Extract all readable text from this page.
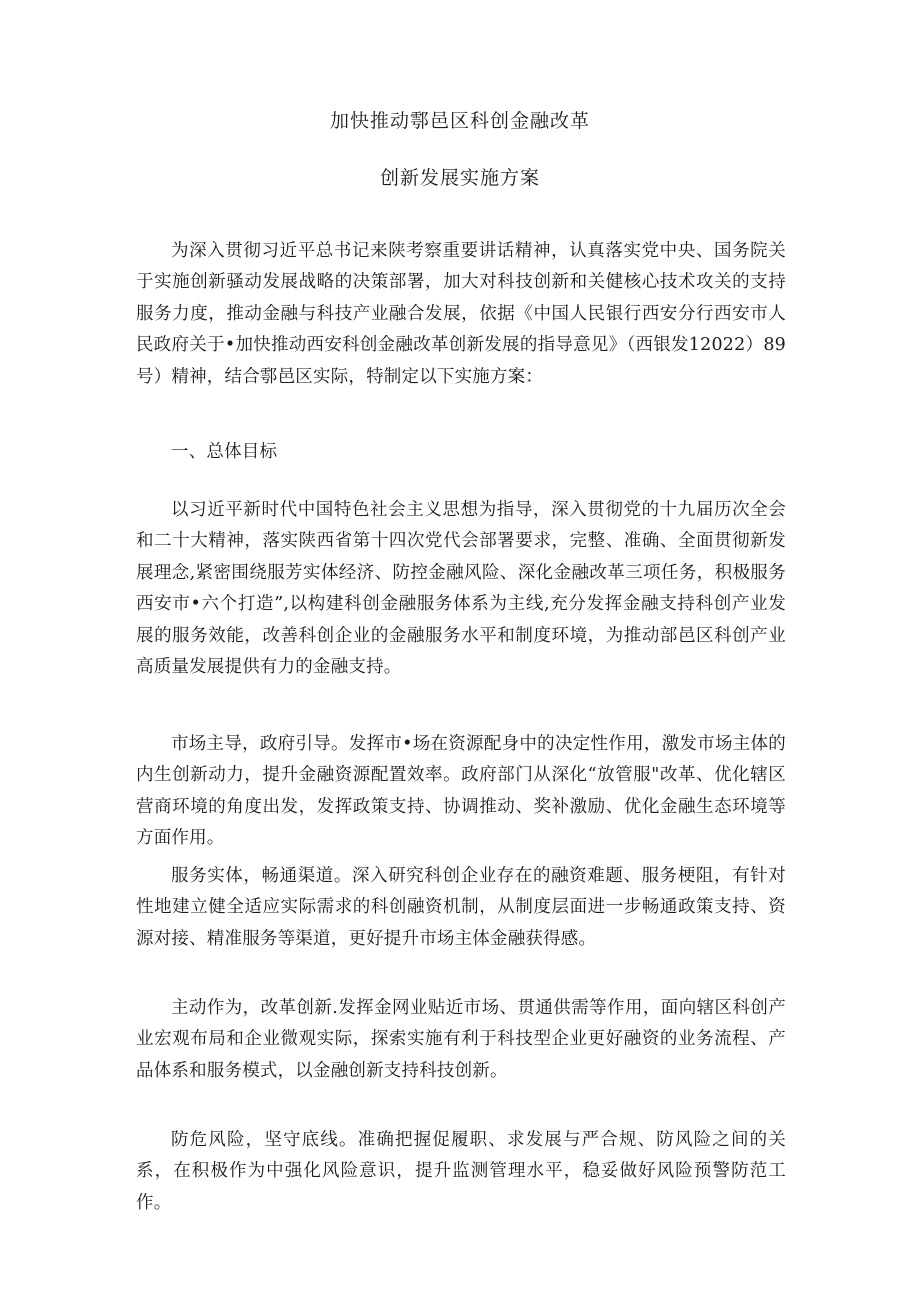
加快推动鄠邑区科创金融改革
创新发展实施方案

为深入贯彻习近平总书记来陕考察重要讲话精神，认真落实党中央、国务院关于实施创新骚动发展战略的决策部署，加大对科技创新和关健核心技术攻关的支持服务力度，推动金融与科技产业融合发展，依据《中国人民银行西安分行西安市人民政府关于•加快推动西安科创金融改革创新发展的指导意见》（西银发12022）89号）精神，结合鄠邑区实际，特制定以下实施方案：

一、总体目标

以习近平新时代中国特色社会主义思想为指导，深入贯彻党的十九届历次全会和二十大精神，落实陕西省第十四次党代会部署要求，完整、准确、全面贯彻新发展理念,紧密围绕服芳实体经济、防控金融风险、深化金融改革三项任务，积极服务西安市•六个打造”,以构建科创金融服务体系为主线,充分发挥金融支持科创产业发展的服务效能，改善科创企业的金融服务水平和制度环境，为推动部邑区科创产业高质量发展提供有力的金融支持。

市场主导，政府引导。发挥市•场在资源配身中的决定性作用，激发市场主体的内生创新动力，提升金融资源配置效率。政府部门从深化“放管服"改革、优化辖区营商环境的角度出发，发挥政策支持、协调推动、奖补激励、优化金融生态环境等方面作用。

服务实体，畅通渠道。深入研究科创企业存在的融资难题、服务梗阻，有针对性地建立健全适应实际需求的科创融资机制，从制度层面进一步畅通政策支持、资源对接、精准服务等渠道，更好提升市场主体金融获得感。

主动作为，改革创新.发挥金网业贴近市场、贯通供需等作用，面向辖区科创产业宏观布局和企业微观实际，探索实施有利于科技型企业更好融资的业务流程、产品体系和服务模式，以金融创新支持科技创新。

防危风险，坚守底线。准确把握促履职、求发展与严合规、防风险之间的关系，在积极作为中强化风险意识，提升监测管理水平，稳妥做好风险预警防范工作。
